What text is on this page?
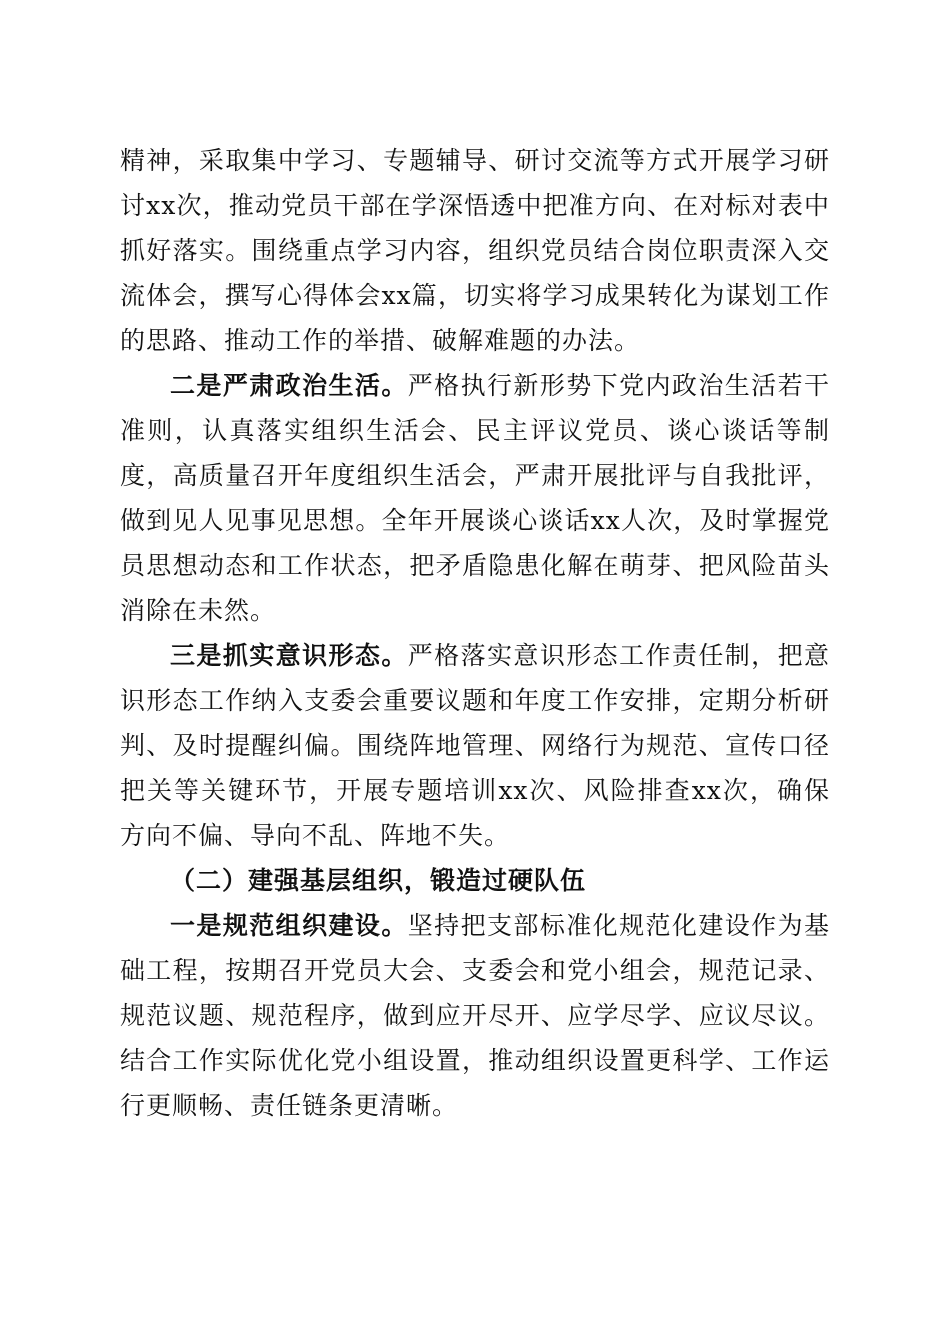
精神，采取集中学习、专题辅导、研讨交流等方式开展学习研讨xx次，推动党员干部在学深悟透中把准方向、在对标对表中抓好落实。围绕重点学习内容，组织党员结合岗位职责深入交流体会，撰写心得体会xx篇，切实将学习成果转化为谋划工作的思路、推动工作的举措、破解难题的办法。

二是严肃政治生活。严格执行新形势下党内政治生活若干准则，认真落实组织生活会、民主评议党员、谈心谈话等制度，高质量召开年度组织生活会，严肃开展批评与自我批评，做到见人见事见思想。全年开展谈心谈话xx人次，及时掌握党员思想动态和工作状态，把矛盾隐患化解在萌芽、把风险苗头消除在未然。

三是抓实意识形态。严格落实意识形态工作责任制，把意识形态工作纳入支委会重要议题和年度工作安排，定期分析研判、及时提醒纠偏。围绕阵地管理、网络行为规范、宣传口径把关等关键环节，开展专题培训xx次、风险排查xx次，确保方向不偏、导向不乱、阵地不失。

（二）建强基层组织，锻造过硬队伍

一是规范组织建设。坚持把支部标准化规范化建设作为基础工程，按期召开党员大会、支委会和党小组会，规范记录、规范议题、规范程序，做到应开尽开、应学尽学、应议尽议。结合工作实际优化党小组设置，推动组织设置更科学、工作运行更顺畅、责任链条更清晰。
